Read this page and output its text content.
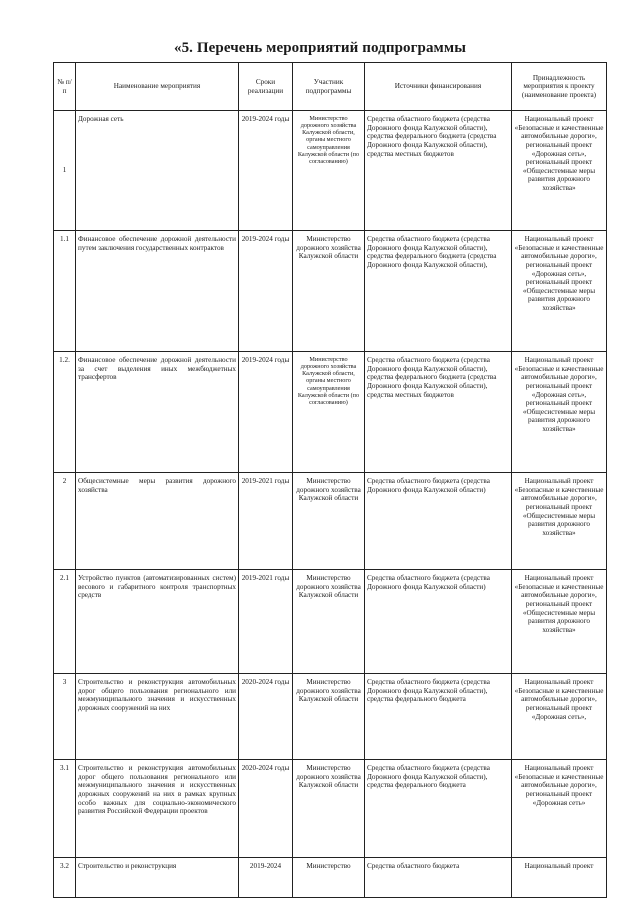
«5. Перечень мероприятий подпрограммы
№ п/п	Наименование мероприятия	Сроки реализации	Участник подпрограммы	Источники финансирования	Принадлежность мероприятия к проекту (наименование проекта)
1	Дорожная сеть	2019-2024 годы	Министерство дорожного хозяйства Калужской области, органы местного самоуправления Калужской области (по согласованию)	Средства областного бюджета (средства Дорожного фонда Калужской области), средства федерального бюджета (средства Дорожного фонда Калужской области), средства местных бюджетов	Национальный проект «Безопасные и качественные автомобильные дороги», региональный проект «Дорожная сеть», региональный проект «Общесистемные меры развития дорожного хозяйства»
1.1	Финансовое обеспечение дорожной деятельности путем заключения государственных контрактов	2019-2024 годы	Министерство дорожного хозяйства Калужской области	Средства областного бюджета (средства Дорожного фонда Калужской области), средства федерального бюджета (средства Дорожного фонда Калужской области),	Национальный проект «Безопасные и качественные автомобильные дороги», региональный проект «Дорожная сеть», региональный проект «Общесистемные меры развития дорожного хозяйства»
1.2.	Финансовое обеспечение дорожной деятельности за счет выделения иных межбюджетных трансфертов	2019-2024 годы	Министерство дорожного хозяйства Калужской области, органы местного самоуправления Калужской области (по согласованию)	Средства областного бюджета (средства Дорожного фонда Калужской области), средства федерального бюджета (средства Дорожного фонда Калужской области), средства местных бюджетов	Национальный проект «Безопасные и качественные автомобильные дороги», региональный проект «Дорожная сеть», региональный проект «Общесистемные меры развития дорожного хозяйства»
2	Общесистемные меры развития дорожного хозяйства	2019-2021 годы	Министерство дорожного хозяйства Калужской области	Средства областного бюджета (средства Дорожного фонда Калужской области)	Национальный проект «Безопасные и качественные автомобильные дороги», региональный проект «Общесистемные меры развития дорожного хозяйства»
2.1	Устройство пунктов (автоматизированных систем) весового и габаритного контроля транспортных средств	2019-2021 годы	Министерство дорожного хозяйства Калужской области	Средства областного бюджета (средства Дорожного фонда Калужской области)	Национальный проект «Безопасные и качественные автомобильные дороги», региональный проект «Общесистемные меры развития дорожного хозяйства»
3	Строительство и реконструкция автомобильных дорог общего пользования регионального или межмуниципального значения и искусственных дорожных сооружений на них	2020-2024 годы	Министерство дорожного хозяйства Калужской области	Средства областного бюджета (средства Дорожного фонда Калужской области), средства федерального бюджета	Национальный проект «Безопасные и качественные автомобильные дороги», региональный проект «Дорожная сеть»,
3.1	Строительство и реконструкция автомобильных дорог общего пользования регионального или межмуниципального значения и искусственных дорожных сооружений на них в рамках крупных особо важных для социально-экономического развития Российской Федерации проектов	2020-2024 годы	Министерство дорожного хозяйства Калужской области	Средства областного бюджета (средства Дорожного фонда Калужской области), средства федерального бюджета	Национальный проект «Безопасные и качественные автомобильные дороги», региональный проект «Дорожная сеть»
3.2	Строительство и реконструкция	2019-2024	Министерство	Средства областного бюджета	Национальный проект
